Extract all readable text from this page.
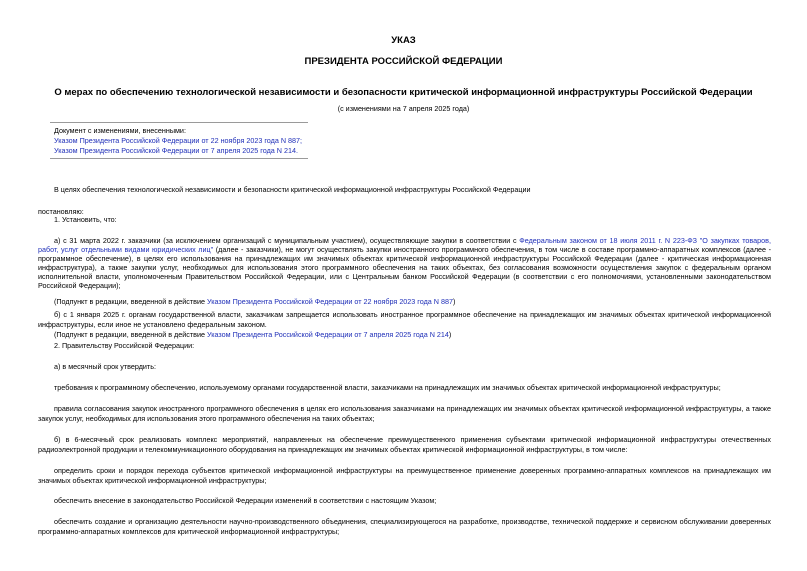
УКАЗ
ПРЕЗИДЕНТА РОССИЙСКОЙ ФЕДЕРАЦИИ
О мерах по обеспечению технологической независимости и безопасности критической информационной инфраструктуры Российской Федерации
(с изменениями на 7 апреля 2025 года)
Документ с изменениями, внесенными:
Указом Президента Российской Федерации от 22 ноября 2023 года N 887;
Указом Президента Российской Федерации от 7 апреля 2025 года N 214.
В целях обеспечения технологической независимости и безопасности критической информационной инфраструктуры Российской Федерации
постановляю:
1. Установить, что:
а) с 31 марта 2022 г. заказчики (за исключением организаций с муниципальным участием), осуществляющие закупки в соответствии с Федеральным законом от 18 июля 2011 г. N 223-ФЗ "О закупках товаров,
работ, услуг отдельными видами юридических лиц" (далее - заказчики), не могут осуществлять закупки иностранного программного обеспечения, в том числе в составе программно-аппаратных комплексов (далее -
программное обеспечение), в целях его использования на принадлежащих им значимых объектах критической информационной инфраструктуры Российской Федерации (далее - критическая информационная
инфраструктура), а также закупки услуг, необходимых для использования этого программного обеспечения на таких объектах, без согласования возможности осуществления закупок с федеральным органом
исполнительной власти, уполномоченным Правительством Российской Федерации, или с Центральным банком Российской Федерации (в соответствии с его полномочиями, установленными законодательством
Российской Федерации);
(Подпункт в редакции, введенной в действие Указом Президента Российской Федерации от 22 ноября 2023 года N 887)
б) с 1 января 2025 г. органам государственной власти, заказчикам запрещается использовать иностранное программное обеспечение на принадлежащих им значимых объектах критической информационной
инфраструктуры, если иное не установлено федеральным законом.
(Подпункт в редакции, введенной в действие Указом Президента Российской Федерации от 7 апреля 2025 года N 214)
2. Правительству Российской Федерации:
а) в месячный срок утвердить:
требования к программному обеспечению, используемому органами государственной власти, заказчиками на принадлежащих им значимых объектах критической информационной инфраструктуры;
правила согласования закупок иностранного программного обеспечения в целях его использования заказчиками на принадлежащих им значимых объектах критической информационной инфраструктуры, а также
закупок услуг, необходимых для использования этого программного обеспечения на таких объектах;
б) в 6-месячный срок реализовать комплекс мероприятий, направленных на обеспечение преимущественного применения субъектами критической информационной инфраструктуры отечественных
радиоэлектронной продукции и телекоммуникационного оборудования на принадлежащих им значимых объектах критической информационной инфраструктуры, в том числе:
определить сроки и порядок перехода субъектов критической информационной инфраструктуры на преимущественное применение доверенных программно-аппаратных комплексов на принадлежащих им
значимых объектах критической информационной инфраструктуры;
обеспечить внесение в законодательство Российской Федерации изменений в соответствии с настоящим Указом;
обеспечить создание и организацию деятельности научно-производственного объединения, специализирующегося на разработке, производстве, технической поддержке и сервисном обслуживании доверенных
программно-аппаратных комплексов для критической информационной инфраструктуры;
